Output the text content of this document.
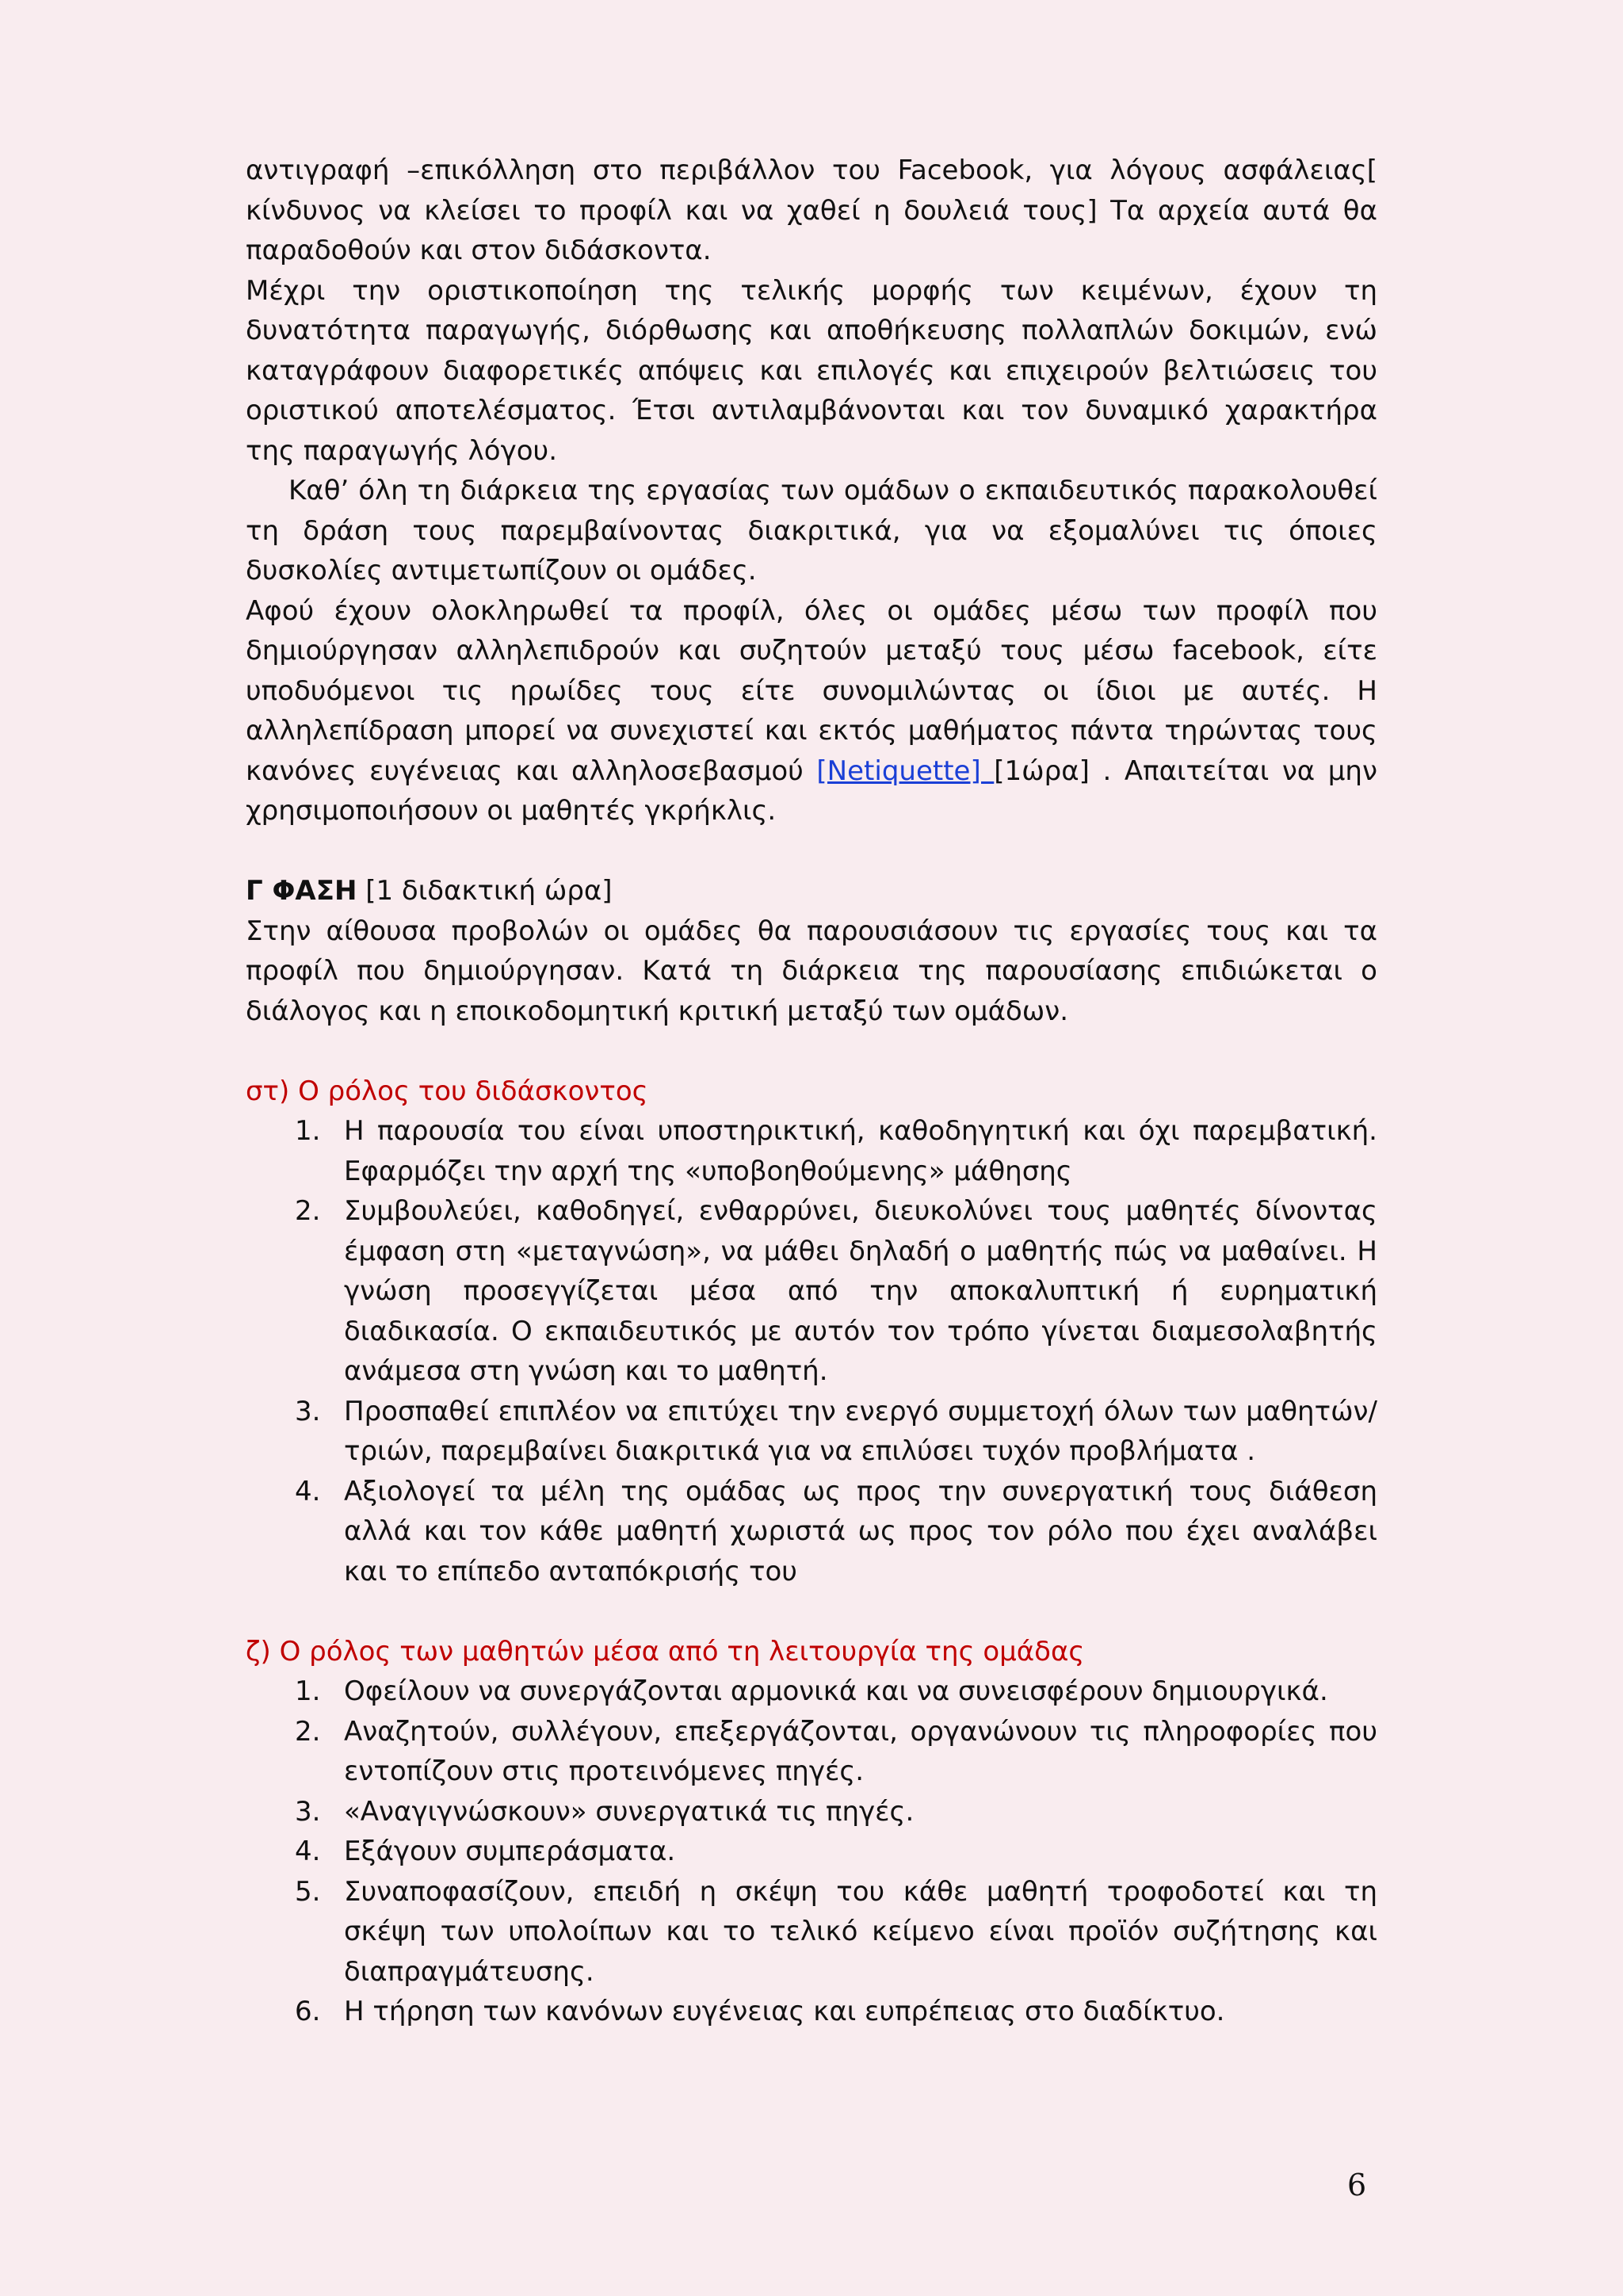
αντιγραφή –επικόλληση στο περιβάλλον του Facebook, για λόγους ασφάλειας[ κίνδυνος να κλείσει το προφίλ και να χαθεί η δουλειά τους] Τα αρχεία αυτά θα παραδοθούν και στον διδάσκοντα.

Μέχρι την οριστικοποίηση της τελικής μορφής των κειμένων, έχουν τη δυνατότητα παραγωγής, διόρθωσης και αποθήκευσης πολλαπλών δοκιμών, ενώ καταγράφουν διαφορετικές απόψεις και επιλογές και επιχειρούν βελτιώσεις του οριστικού αποτελέσματος. Έτσι αντιλαμβάνονται και τον δυναμικό χαρακτήρα της παραγωγής λόγου.

Καθ’ όλη τη διάρκεια της εργασίας των ομάδων ο εκπαιδευτικός παρακολουθεί τη δράση τους παρεμβαίνοντας διακριτικά, για να εξομαλύνει τις όποιες δυσκολίες αντιμετωπίζουν οι ομάδες.

Αφού έχουν ολοκληρωθεί τα προφίλ, όλες οι ομάδες μέσω των προφίλ που δημιούργησαν αλληλεπιδρούν και συζητούν μεταξύ τους μέσω facebook, είτε υποδυόμενοι τις ηρωίδες τους είτε συνομιλώντας οι ίδιοι με αυτές. Η αλληλεπίδραση μπορεί να συνεχιστεί και εκτός μαθήματος πάντα τηρώντας τους κανόνες ευγένειας και αλληλοσεβασμού [Netiquette] [1ώρα] . Απαιτείται να μην χρησιμοποιήσουν οι μαθητές γκρήκλις.

Γ ΦΑΣΗ [1 διδακτική ώρα]

Στην αίθουσα προβολών οι ομάδες θα παρουσιάσουν τις εργασίες τους και τα προφίλ που δημιούργησαν. Κατά τη διάρκεια της παρουσίασης επιδιώκεται ο διάλογος και η εποικοδομητική κριτική μεταξύ των ομάδων.

στ) Ο ρόλος του διδάσκοντος

1. Η παρουσία του είναι υποστηρικτική, καθοδηγητική και όχι παρεμβατική. Εφαρμόζει την αρχή της «υποβοηθούμενης» μάθησης
2. Συμβουλεύει, καθοδηγεί, ενθαρρύνει, διευκολύνει τους μαθητές δίνοντας έμφαση στη «μεταγνώση», να μάθει δηλαδή ο μαθητής πώς να μαθαίνει. Η γνώση προσεγγίζεται μέσα από την αποκαλυπτική ή ευρηματική διαδικασία. Ο εκπαιδευτικός με αυτόν τον τρόπο γίνεται διαμεσολαβητής ανάμεσα στη γνώση και το μαθητή.
3. Προσπαθεί επιπλέον να επιτύχει την ενεργό συμμετοχή όλων των μαθητών/ τριών, παρεμβαίνει διακριτικά για να επιλύσει τυχόν προβλήματα .
4. Αξιολογεί τα μέλη της ομάδας ως προς την συνεργατική τους διάθεση αλλά και τον κάθε μαθητή χωριστά ως προς τον ρόλο που έχει αναλάβει και το επίπεδο ανταπόκρισής του

ζ) Ο ρόλος των μαθητών μέσα από τη λειτουργία της ομάδας

1. Οφείλουν να συνεργάζονται αρμονικά και να συνεισφέρουν δημιουργικά.
2. Αναζητούν, συλλέγουν, επεξεργάζονται, οργανώνουν τις πληροφορίες που εντοπίζουν στις προτεινόμενες πηγές.
3. «Αναγιγνώσκουν» συνεργατικά τις πηγές.
4. Εξάγουν συμπεράσματα.
5. Συναποφασίζουν, επειδή η σκέψη του κάθε μαθητή τροφοδοτεί και τη σκέψη των υπολοίπων και το τελικό κείμενο είναι προϊόν συζήτησης και διαπραγμάτευσης.
6. Η τήρηση των κανόνων ευγένειας και ευπρέπειας στο διαδίκτυο.
6
